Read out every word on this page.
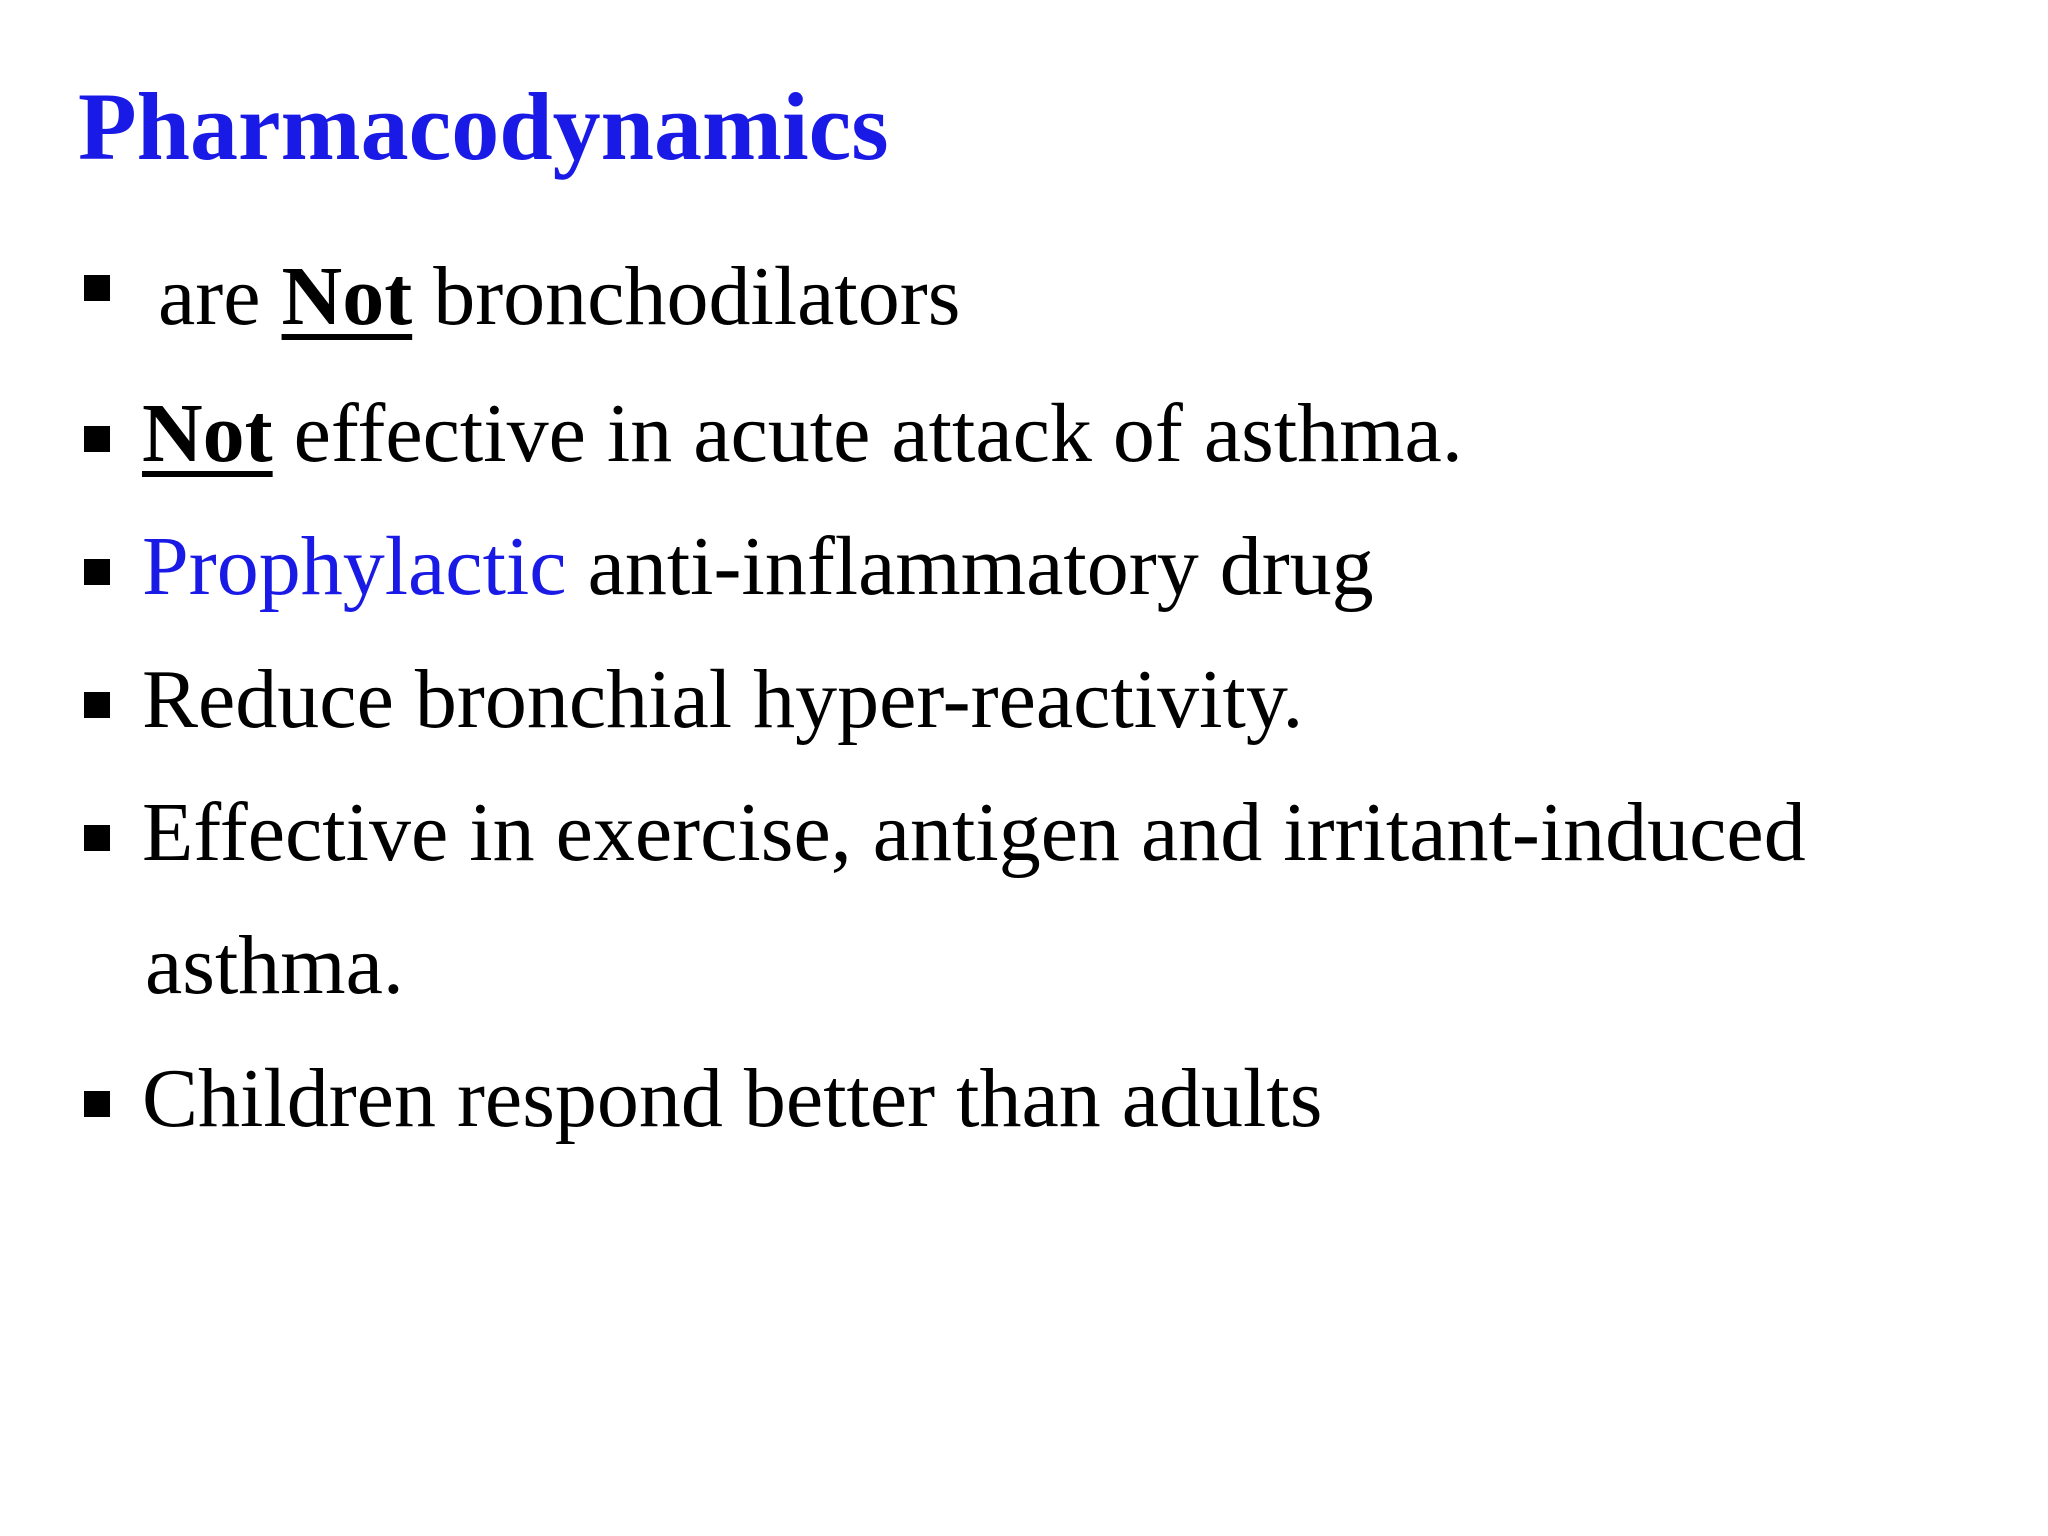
Pharmacodynamics
are Not bronchodilators
Not effective in acute attack of asthma.
Prophylactic anti-inflammatory drug
Reduce bronchial hyper-reactivity.
Effective in exercise, antigen and irritant-induced
asthma.
Children respond better than adults
